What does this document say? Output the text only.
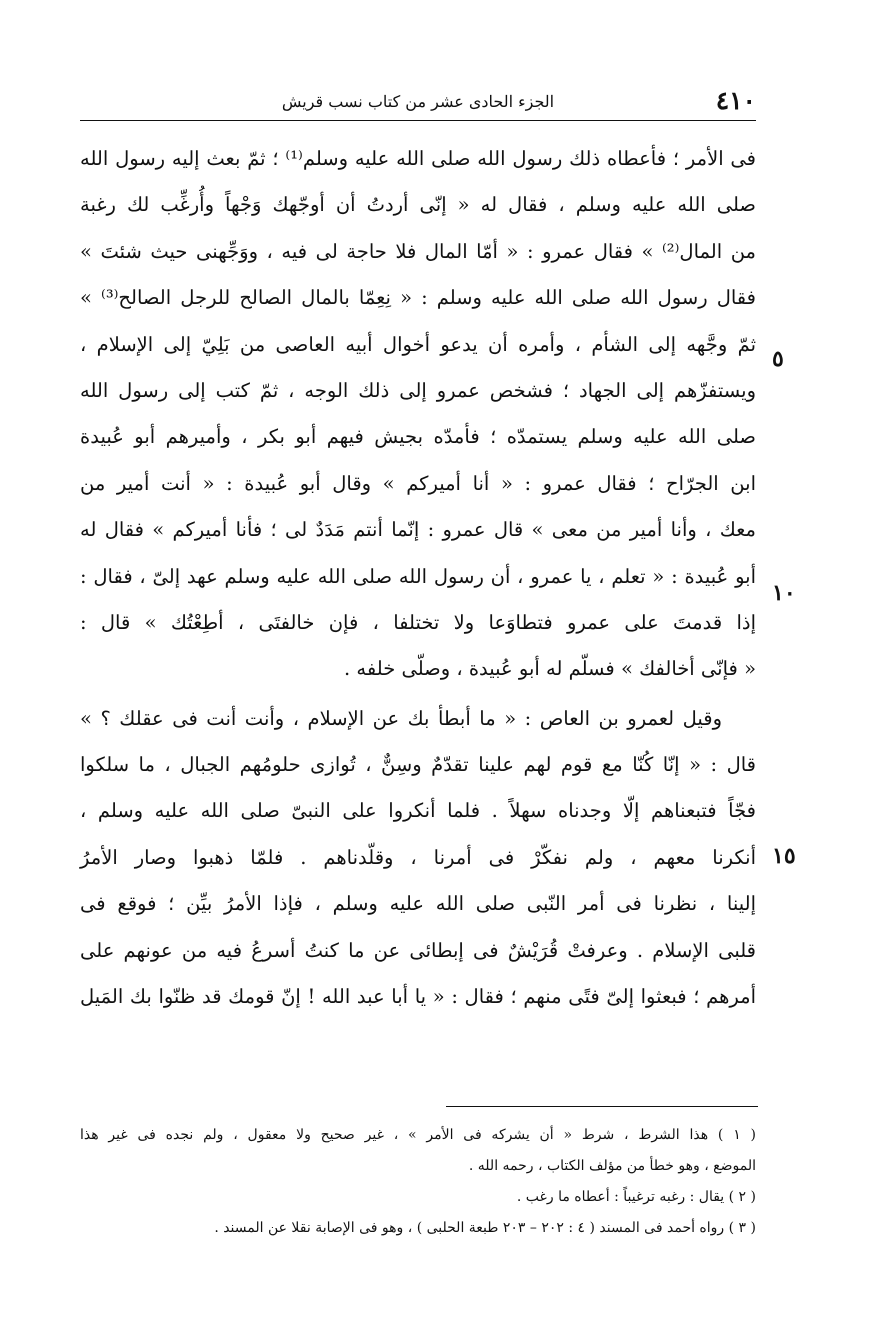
٤١٠
الجزء الحادى عشر من كتاب نسب قريش
فى الأمر ؛ فأعطاه ذلك رسول الله صلى الله عليه وسلم⁽¹⁾ ؛ ثمّ بعث إليه رسول الله
صلى الله عليه وسلم ، فقال له « إنّى أردتُ أن أوجّهك وَجْهاً وأُرغِّب لك رغبة
من المال⁽²⁾ » فقال عمرو : « أمّا المال فلا حاجة لى فيه ، ووَجِّهنى حيث شئتَ »
فقال رسول الله صلى الله عليه وسلم : « نِعِمّا بالمال الصالح للرجل الصالح⁽³⁾ »
ثمّ وجَّهه إلى الشأم ، وأمره أن يدعو أخوال أبيه العاصى من بَلِيّ إلى الإسلام ،
ويستفزّهم إلى الجهاد ؛ فشخص عمرو إلى ذلك الوجه ، ثمّ كتب إلى رسول الله
صلى الله عليه وسلم يستمدّه ؛ فأمدّه بجيش فيهم أبو بكر ، وأميرهم أبو عُبيدة
ابن الجرّاح ؛ فقال عمرو : « أنا أميركم » وقال أبو عُبيدة : « أنت أمير من
معك ، وأنا أمير من معى » قال عمرو : إنّما أنتم مَدَدٌ لى ؛ فأنا أميركم » فقال له
أبو عُبيدة : « تعلم ، يا عمرو ، أن رسول الله صلى الله عليه وسلم عهد إلىّ ، فقال :
إذا قدمتَ على عمرو فتطاوَعا ولا تختلفا ، فإن خالفتَى ، أطِعْتُك » قال :
« فإنّى أخالفك » فسلّم له أبو عُبيدة ، وصلّى خلفه .
وقيل لعمرو بن العاص : « ما أبطأ بك عن الإسلام ، وأنت أنت فى عقلك ؟ »
قال : « إنّا كُنّا مع قوم لهم علينا تقدّمٌ وسِنٌّ ، تُوازى حلومُهم الجبال ، ما سلكوا
فجّاً فتبعناهم إلّا وجدناه سهلاً . فلما أنكروا على النبىّ صلى الله عليه وسلم ،
أنكرنا معهم ، ولم نفكّرْ فى أمرنا ، وقلّدناهم . فلمّا ذهبوا وصار الأمرُ
إلينا ، نظرنا فى أمر النّبى صلى الله عليه وسلم ، فإذا الأمرُ بيِّن ؛ فوقع فى
قلبى الإسلام . وعرفتْ قُرَيْشٌ فى إبطائى عن ما كنتُ أسرعُ فيه من عونهم على
أمرهم ؛ فبعثوا إلىّ فتًى منهم ؛ فقال : « يا أبا عبد الله ! إنّ قومك قد ظنّوا بك المَيل
٥
١٠
١٥
( ١ ) هذا الشرط ، شرط « أن يشركه فى الأمر » ، غير صحيح ولا معقول ، ولم نجده فى غير هذا
الموضع ، وهو خطأ من مؤلف الكتاب ، رحمه الله .
( ٢ ) يقال : رغبه ترغيباً : أعطاه ما رغب .
( ٣ ) رواه أحمد فى المسند ( ٤ : ٢٠٢ – ٢٠٣ طبعة الحلبى ) ، وهو فى الإصابة نقلا عن المسند .
